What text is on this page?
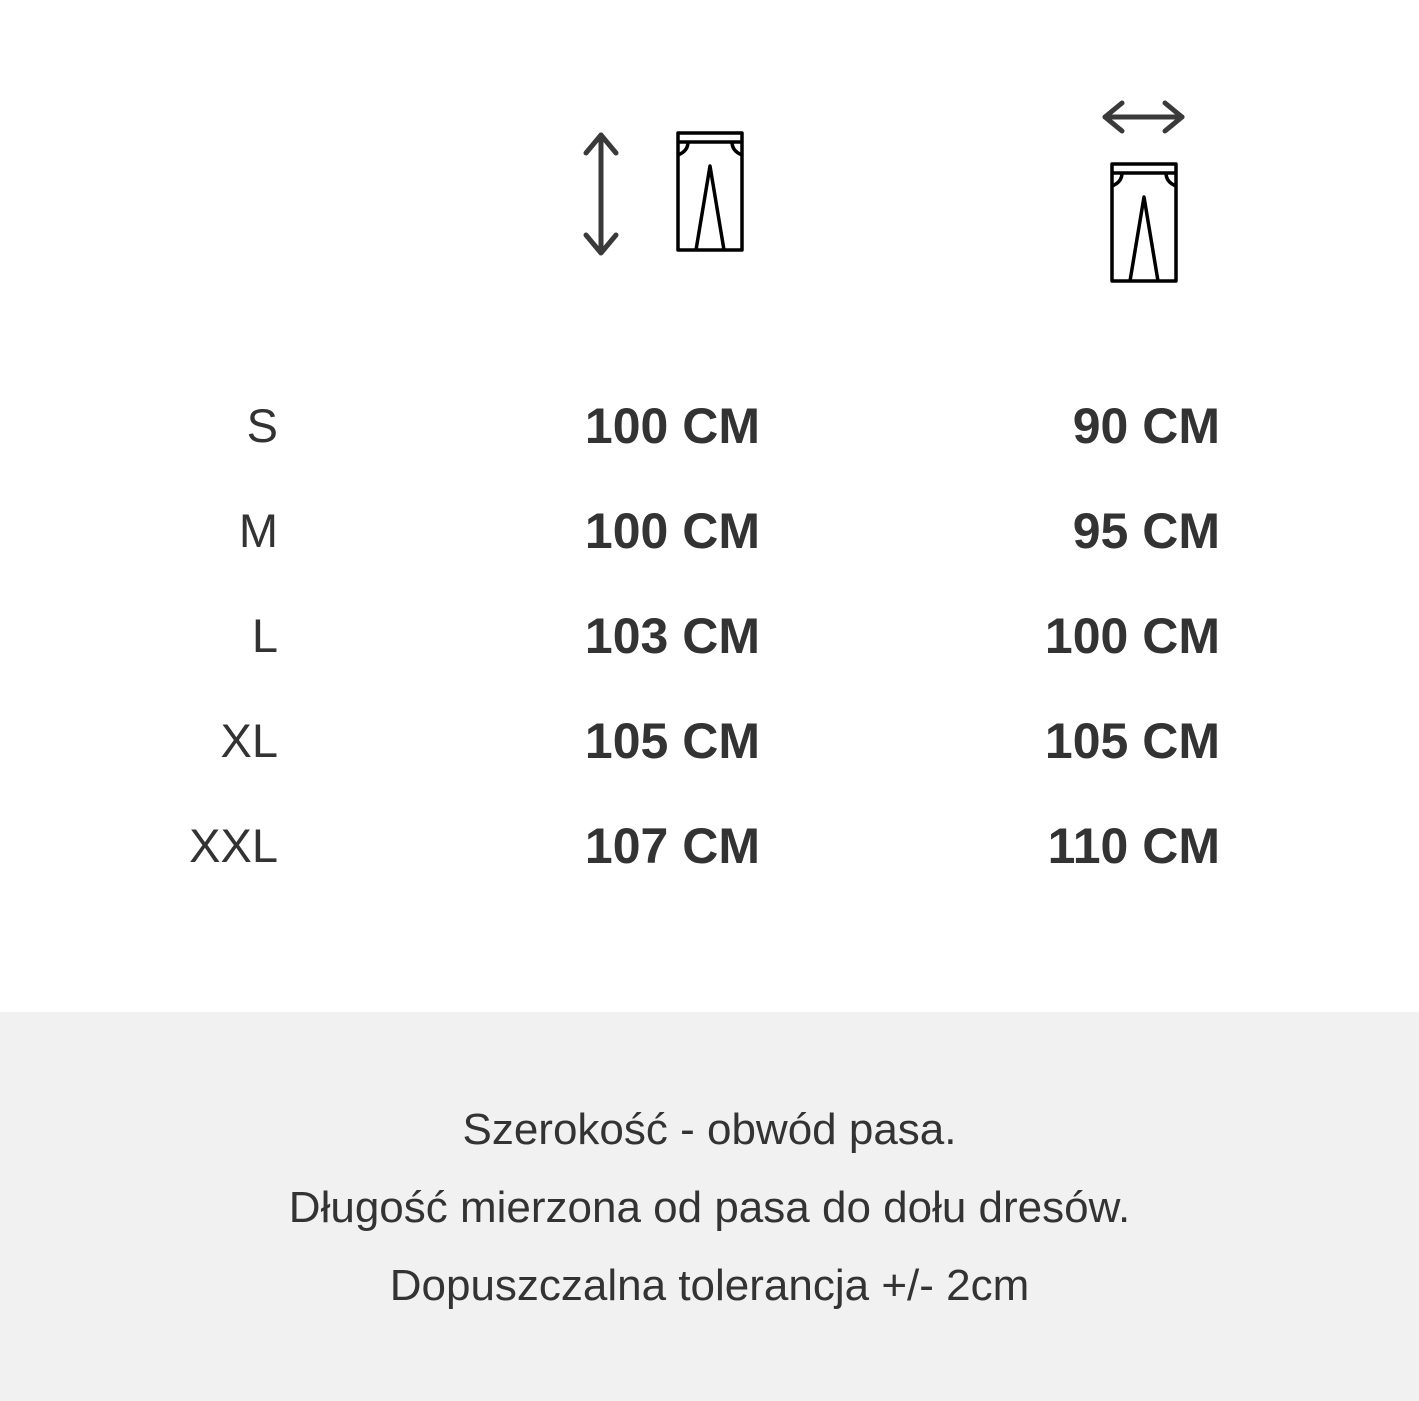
S	100 CM	90 CM
M	100 CM	95 CM
L	103 CM	100 CM
XL	105 CM	105 CM
XXL	107 CM	110 CM
Szerokość - obwód pasa.
Długość mierzona od pasa do dołu dresów.
Dopuszczalna tolerancja +/- 2cm
